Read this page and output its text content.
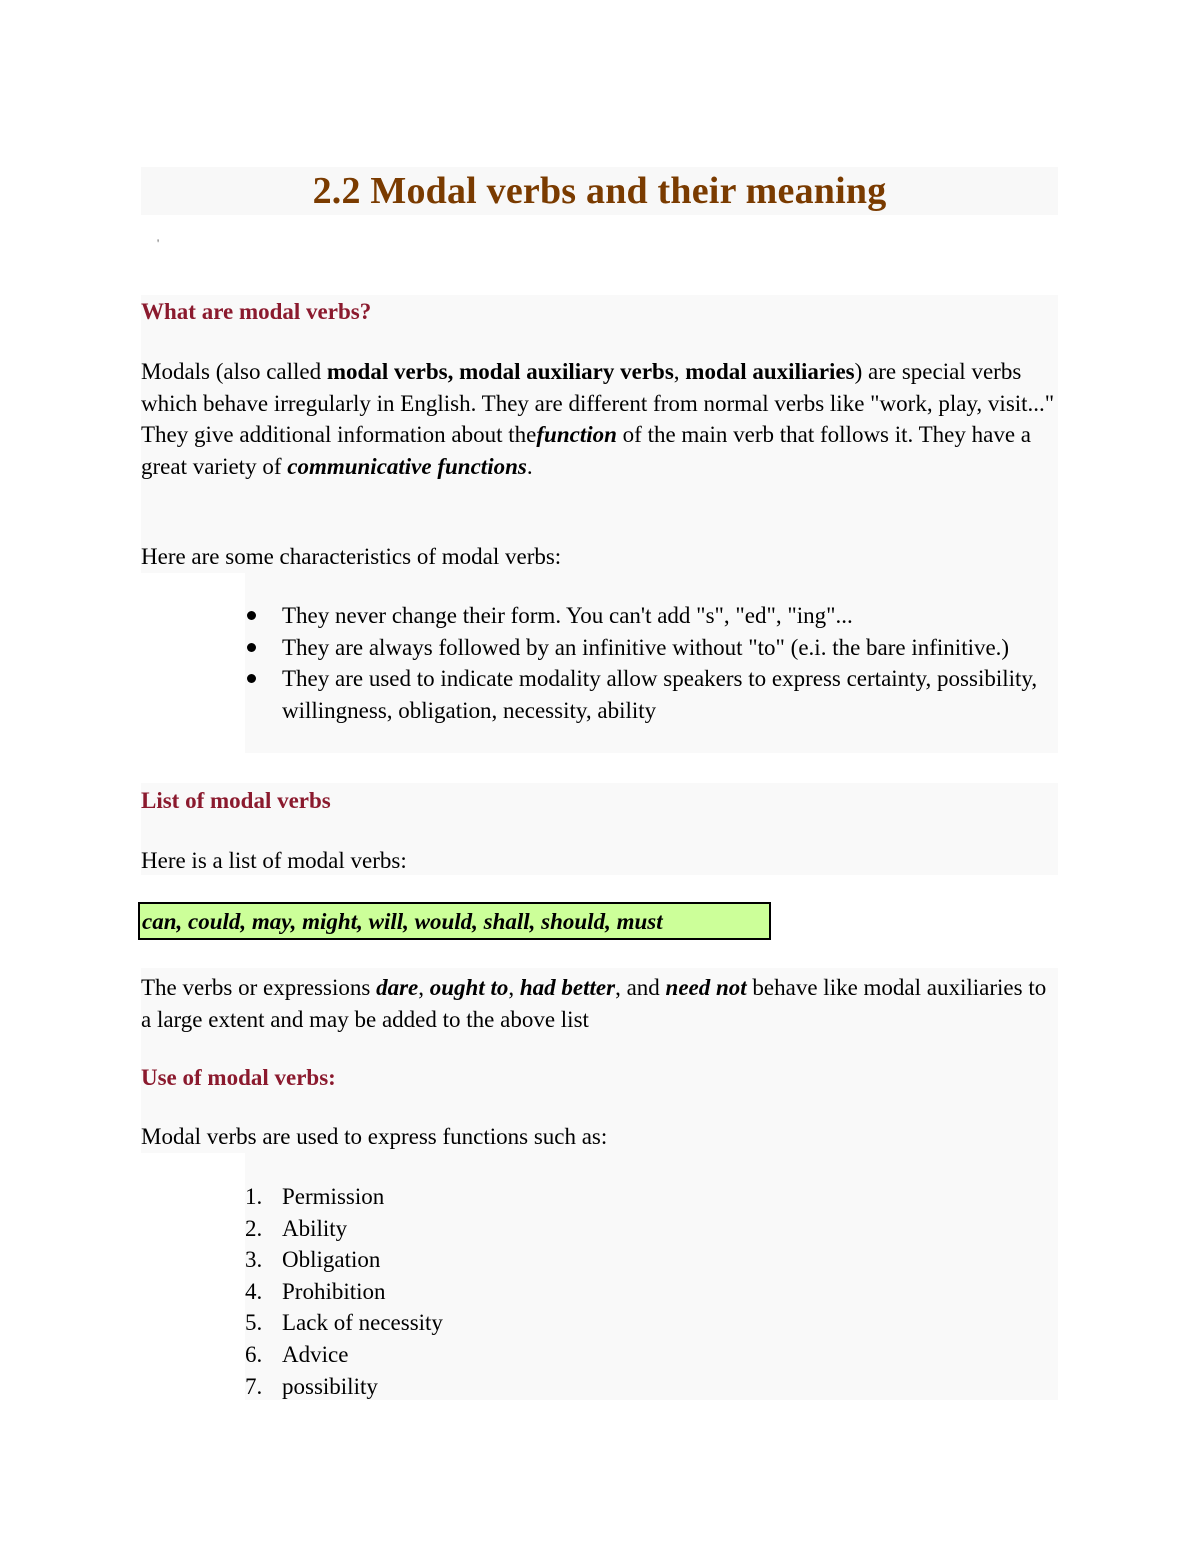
2.2 Modal verbs and their meaning
'
What are modal verbs?

Modals (also called modal verbs, modal auxiliary verbs, modal auxiliaries) are special verbs which behave irregularly in English. They are different from normal verbs like "work, play, visit..." They give additional information about thefunction of the main verb that follows it. They have a great variety of communicative functions.

Here are some characteristics of modal verbs:

They never change their form. You can't add "s", "ed", "ing"...
They are always followed by an infinitive without "to" (e.i. the bare infinitive.)
They are used to indicate modality allow speakers to express certainty, possibility, willingness, obligation, necessity, ability
List of modal verbs

Here is a list of modal verbs:

can, could, may, might, will, would, shall, should, must

The verbs or expressions dare, ought to, had better, and need not behave like modal auxiliaries to a large extent and may be added to the above list

Use of modal verbs:

Modal verbs are used to express functions such as:

1. Permission
2. Ability
3. Obligation
4. Prohibition
5. Lack of necessity
6. Advice
7. possibility
